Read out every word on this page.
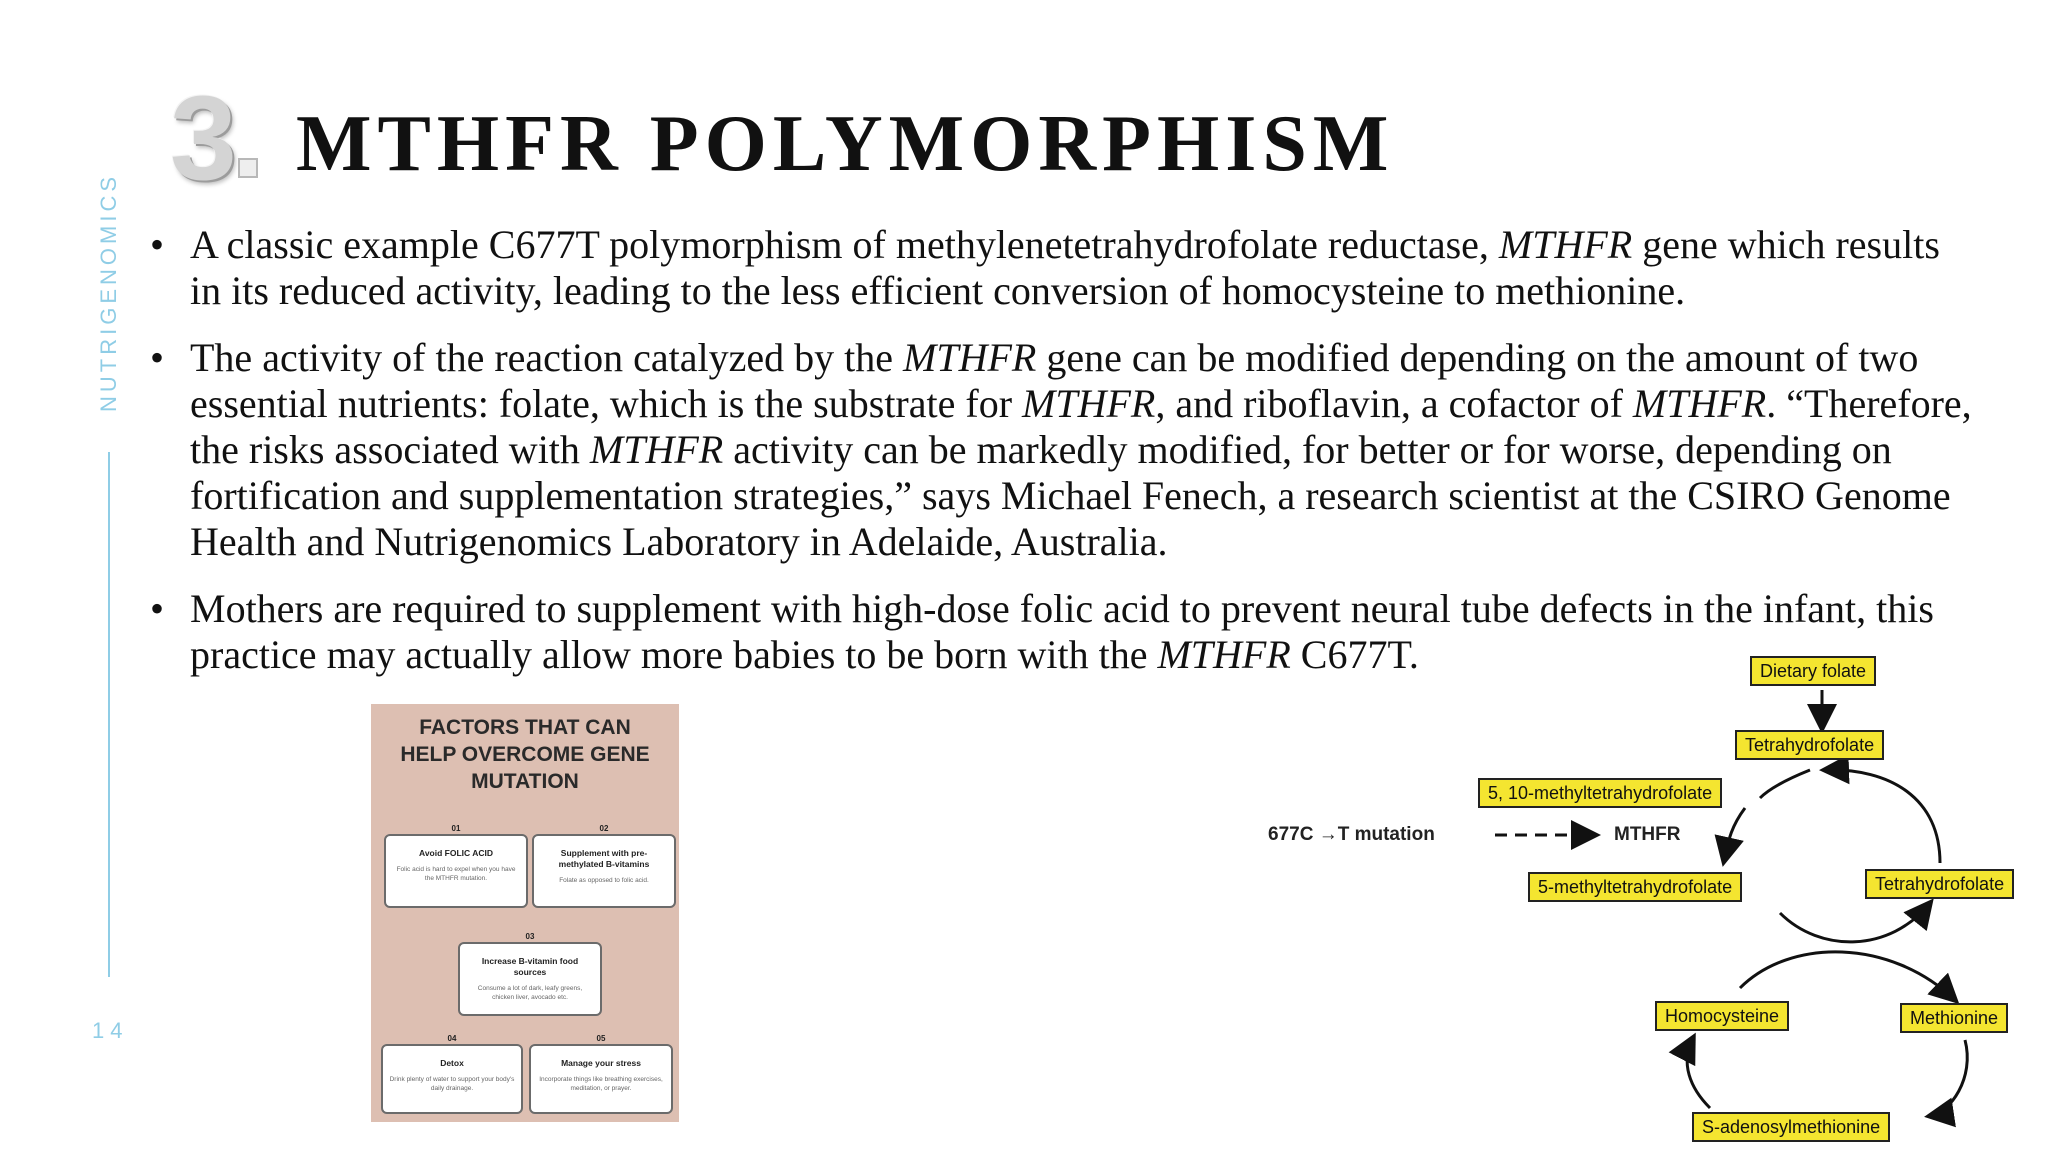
NUTRIGENOMICS
14
3 MTHFR POLYMORPHISM
• A classic example C677T polymorphism of methylenetetrahydrofolate reductase, MTHFR gene which results in its reduced activity, leading to the less efficient conversion of homocysteine to methionine.
• The activity of the reaction catalyzed by the MTHFR gene can be modified depending on the amount of two essential nutrients: folate, which is the substrate for MTHFR, and riboflavin, a cofactor of MTHFR. “Therefore, the risks associated with MTHFR activity can be markedly modified, for better or for worse, depending on fortification and supplementation strategies,” says Michael Fenech, a research scientist at the CSIRO Genome Health and Nutrigenomics Laboratory in Adelaide, Australia.
• Mothers are required to supplement with high-dose folic acid to prevent neural tube defects in the infant, this practice may actually allow more babies to be born with the MTHFR C677T.
FACTORS THAT CAN
HELP OVERCOME GENE
MUTATION
01
Avoid FOLIC ACID
Folic acid is hard to expel when you have the MTHFR mutation.
02
Supplement with pre-methylated B-vitamins
Folate as opposed to folic acid.
03
Increase B-vitamin food sources
Consume a lot of dark, leafy greens, chicken liver, avocado etc.
04
Detox
Drink plenty of water to support your body's daily drainage.
05
Manage your stress
Incorporate things like breathing exercises, meditation, or prayer.
Dietary folate
Tetrahydrofolate
5, 10-methyltetrahydrofolate
677C →T mutation	MTHFR
5-methyltetrahydrofolate	Tetrahydrofolate
Homocysteine	Methionine
S-adenosylmethionine
